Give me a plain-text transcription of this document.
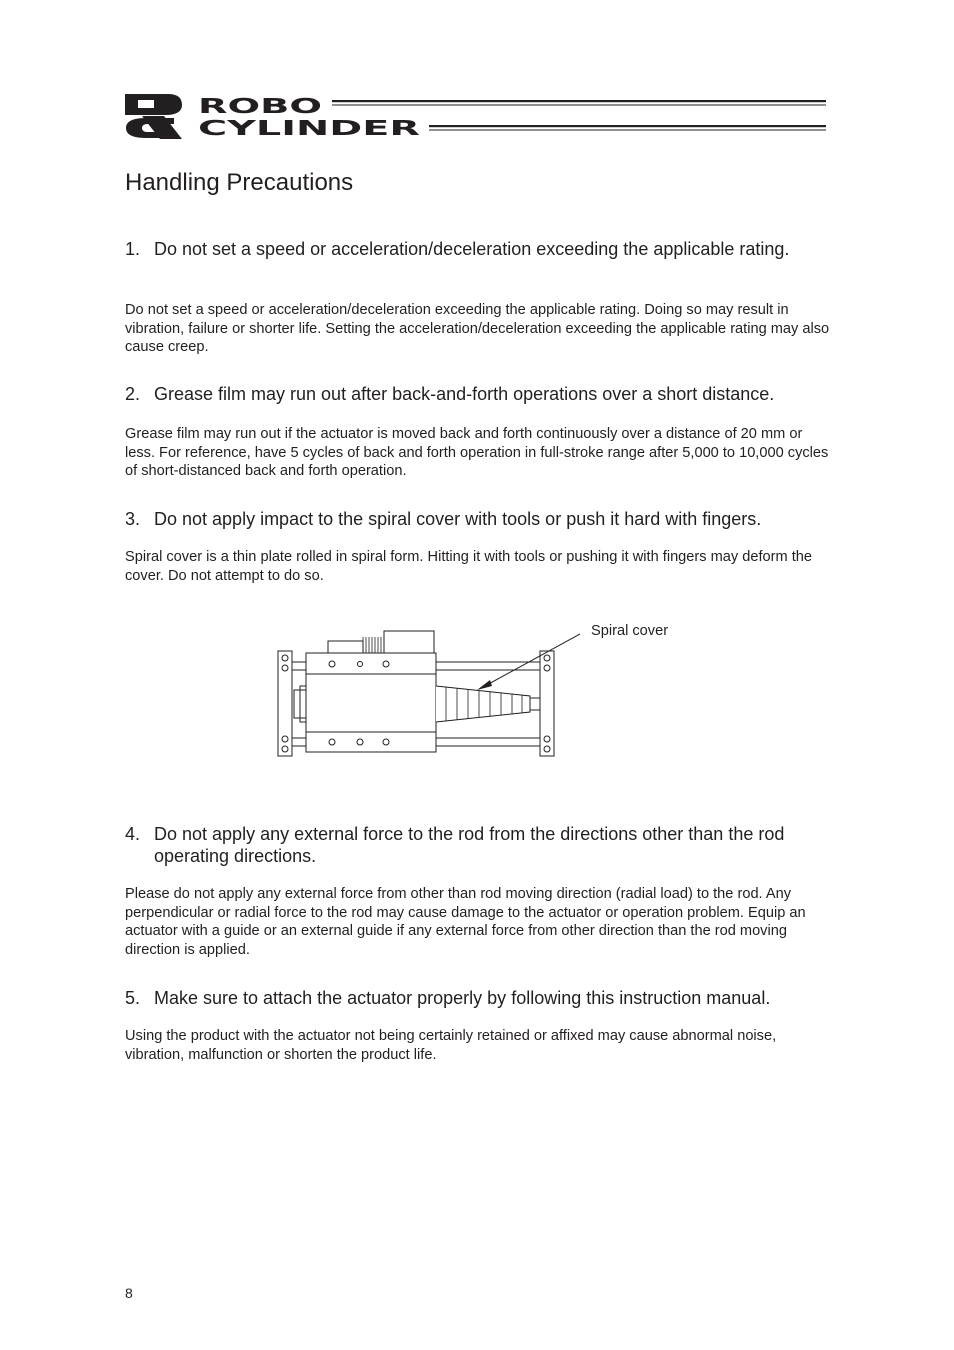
ROBO
CYLINDER
Handling Precautions
1. Do not set a speed or acceleration/deceleration exceeding the applicable rating.
Do not set a speed or acceleration/deceleration exceeding the applicable rating. Doing so may result in vibration, failure or shorter life. Setting the acceleration/deceleration exceeding the applicable rating may also cause creep.
2. Grease film may run out after back-and-forth operations over a short distance.
Grease film may run out if the actuator is moved back and forth continuously over a distance of 20 mm or less. For reference, have 5 cycles of back and forth operation in full-stroke range after 5,000 to 10,000 cycles of short-distanced back and forth operation.
3. Do not apply impact to the spiral cover with tools or push it hard with fingers.
Spiral cover is a thin plate rolled in spiral form. Hitting it with tools or pushing it with fingers may deform the cover. Do not attempt to do so.
Spiral cover
4. Do not apply any external force to the rod from the directions other than the rod operating directions.
Please do not apply any external force from other than rod moving direction (radial load) to the rod. Any perpendicular or radial force to the rod may cause damage to the actuator or operation problem. Equip an actuator with a guide or an external guide if any external force from other direction than the rod moving direction is applied.
5. Make sure to attach the actuator properly by following this instruction manual.
Using the product with the actuator not being certainly retained or affixed may cause abnormal noise, vibration, malfunction or shorten the product life.
8
